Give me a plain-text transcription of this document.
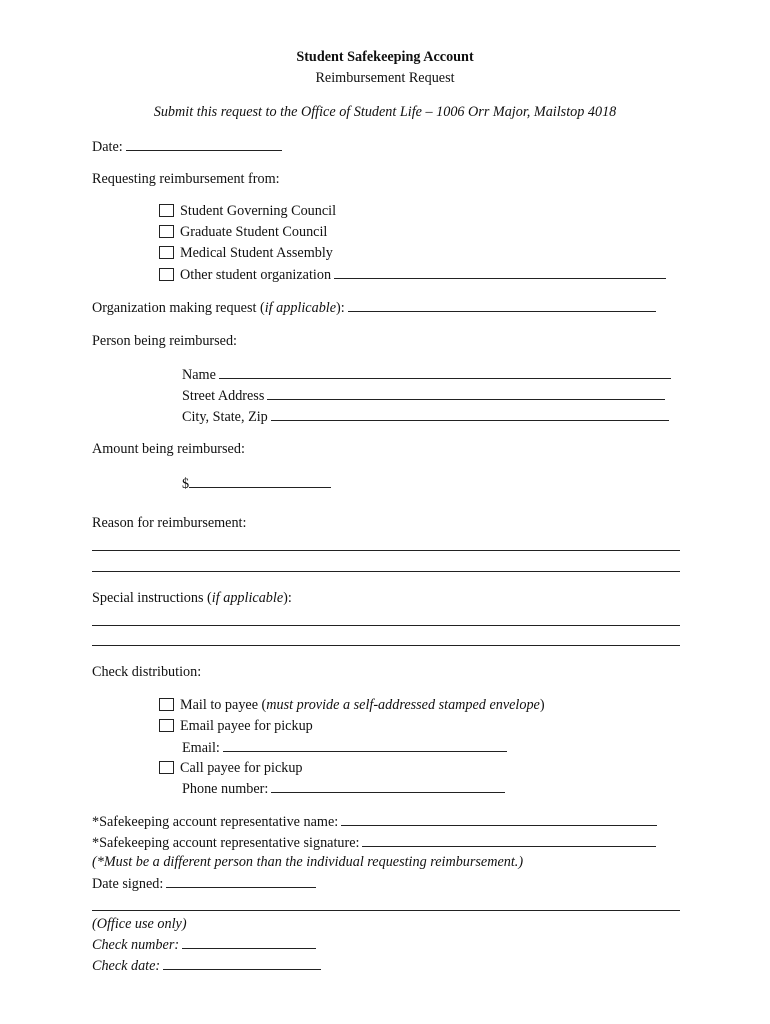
Student Safekeeping Account
Reimbursement Request
Submit this request to the Office of Student Life – 1006 Orr Major, Mailstop 4018
Date:
Requesting reimbursement from:
Student Governing Council
Graduate Student Council
Medical Student Assembly
Other student organization
Organization making request (if applicable):
Person being reimbursed:
Name
Street Address
City, State, Zip
Amount being reimbursed:
$
Reason for reimbursement:
Special instructions (if applicable):
Check distribution:
Mail to payee (must provide a self-addressed stamped envelope)
Email payee for pickup
Email:
Call payee for pickup
Phone number:
*Safekeeping account representative name:
*Safekeeping account representative signature:
(*Must be a different person than the individual requesting reimbursement.)
Date signed:
(Office use only)
Check number:
Check date:
